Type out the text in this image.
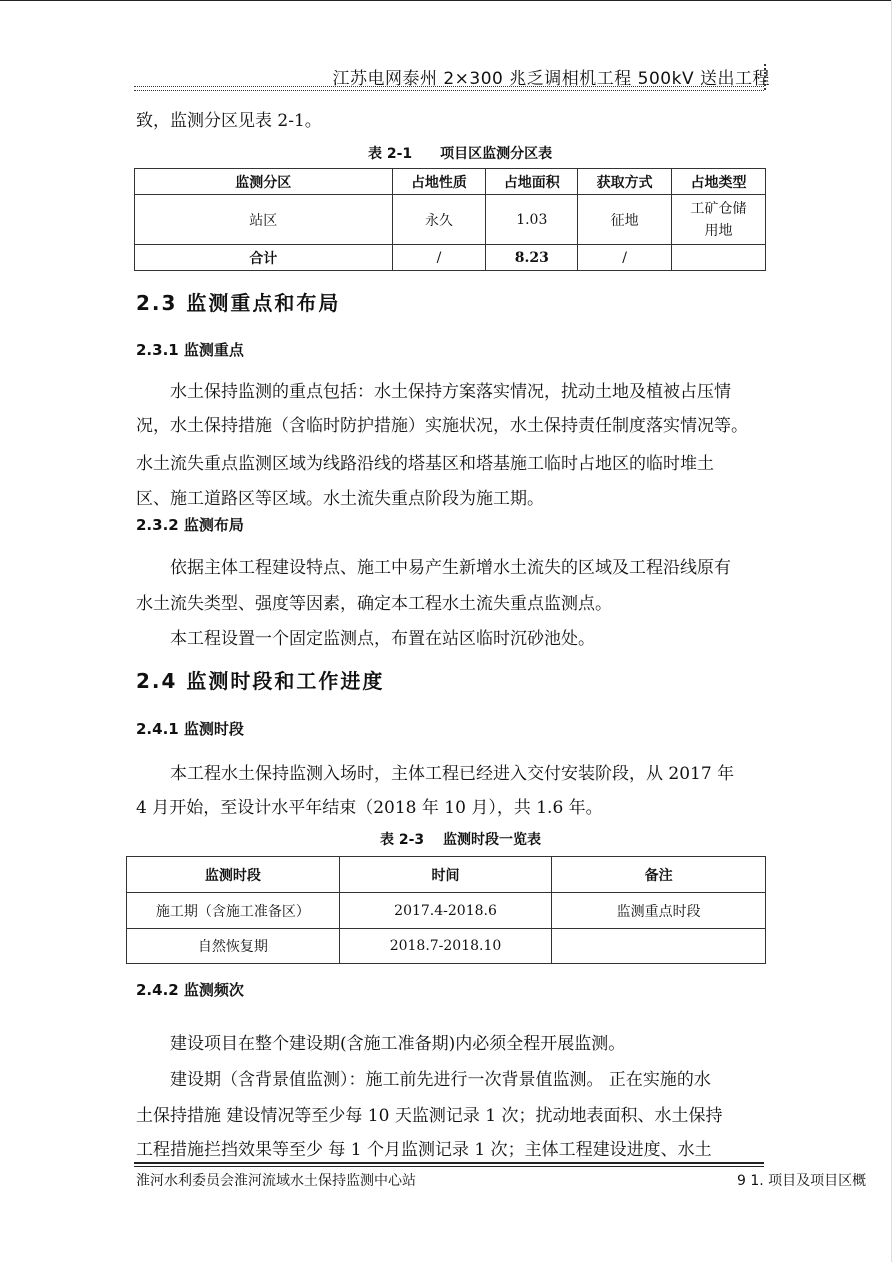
江苏电网泰州 2×300 兆乏调相机工程 500kV 送出工程
致，监测分区见表 2-1。
表 2-1　　项目区监测分区表
监测分区	占地性质	占地面积	获取方式	占地类型
站区	永久	1.03	征地	工矿仓储用地
合计	/	8.23	/	
2.3 监测重点和布局
2.3.1 监测重点
水土保持监测的重点包括：水土保持方案落实情况，扰动土地及植被占压情
况，水土保持措施（含临时防护措施）实施状况，水土保持责任制度落实情况等。
水土流失重点监测区域为线路沿线的塔基区和塔基施工临时占地区的临时堆土
区、施工道路区等区域。水土流失重点阶段为施工期。
2.3.2 监测布局
依据主体工程建设特点、施工中易产生新增水土流失的区域及工程沿线原有
水土流失类型、强度等因素，确定本工程水土流失重点监测点。
本工程设置一个固定监测点，布置在站区临时沉砂池处。
2.4 监测时段和工作进度
2.4.1 监测时段
本工程水土保持监测入场时，主体工程已经进入交付安装阶段，从 2017 年
4 月开始，至设计水平年结束（2018 年 10 月），共 1.6 年。
表 2-3　 监测时段一览表
监测时段	时间	备注
施工期（含施工准备区）	2017.4-2018.6	监测重点时段
自然恢复期	2018.7-2018.10	
2.4.2 监测频次
建设项目在整个建设期(含施工准备期)内必须全程开展监测。
建设期（含背景值监测）：施工前先进行一次背景值监测。 正在实施的水
土保持措施 建设情况等至少每 10 天监测记录 1 次；扰动地表面积、水土保持
工程措施拦挡效果等至少 每 1 个月监测记录 1 次；主体工程建设进度、水土
淮河水利委员会淮河流域水土保持监测中心站	9 1. 项目及项目区概
